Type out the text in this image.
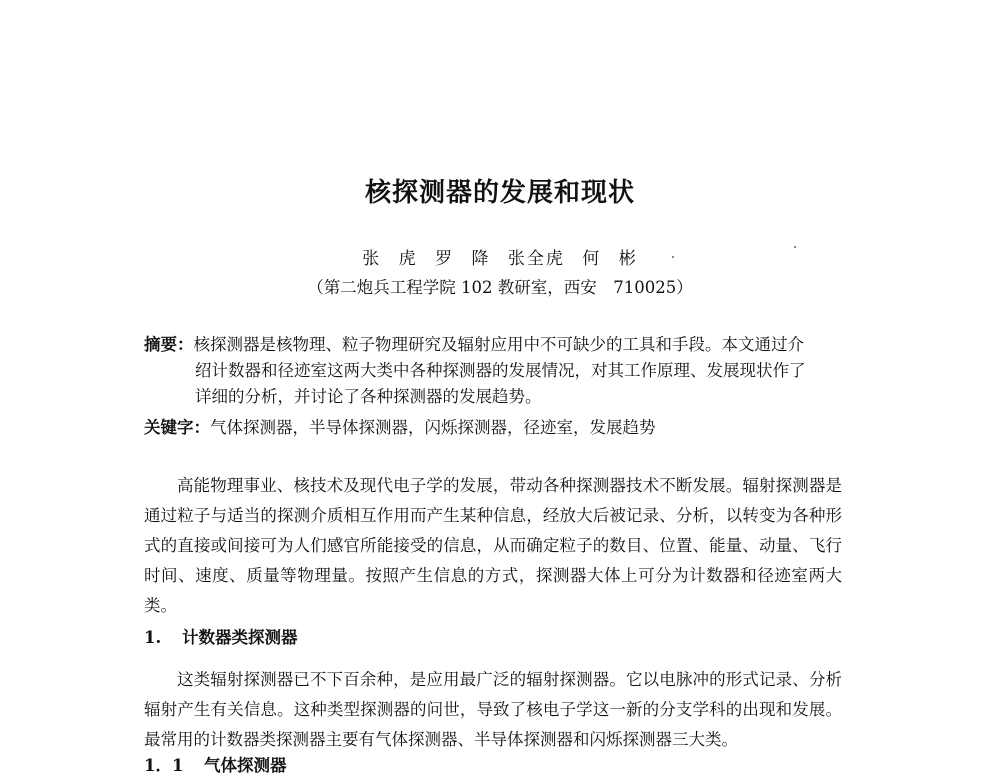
核探测器的发展和现状
张 虎 罗 降 张全虎 何 彬
（第二炮兵工程学院 102 教研室，西安　710025）
摘要：核探测器是核物理、粒子物理研究及辐射应用中不可缺少的工具和手段。本文通过介
绍计数器和径迹室这两大类中各种探测器的发展情况，对其工作原理、发展现状作了
详细的分析，并讨论了各种探测器的发展趋势。
关键字：气体探测器，半导体探测器，闪烁探测器，径迹室，发展趋势

高能物理事业、核技术及现代电子学的发展，带动各种探测器技术不断发展。辐射探测器是通过粒子与适当的探测介质相互作用而产生某种信息，经放大后被记录、分析，以转变为各种形式的直接或间接可为人们感官所能接受的信息，从而确定粒子的数目、位置、能量、动量、飞行时间、速度、质量等物理量。按照产生信息的方式，探测器大体上可分为计数器和径迹室两大类。

1. 计数器类探测器

这类辐射探测器已不下百余种，是应用最广泛的辐射探测器。它以电脉冲的形式记录、分析辐射产生有关信息。这种类型探测器的问世，导致了核电子学这一新的分支学科的出现和发展。最常用的计数器类探测器主要有气体探测器、半导体探测器和闪烁探测器三大类。

1．1 气体探测器
